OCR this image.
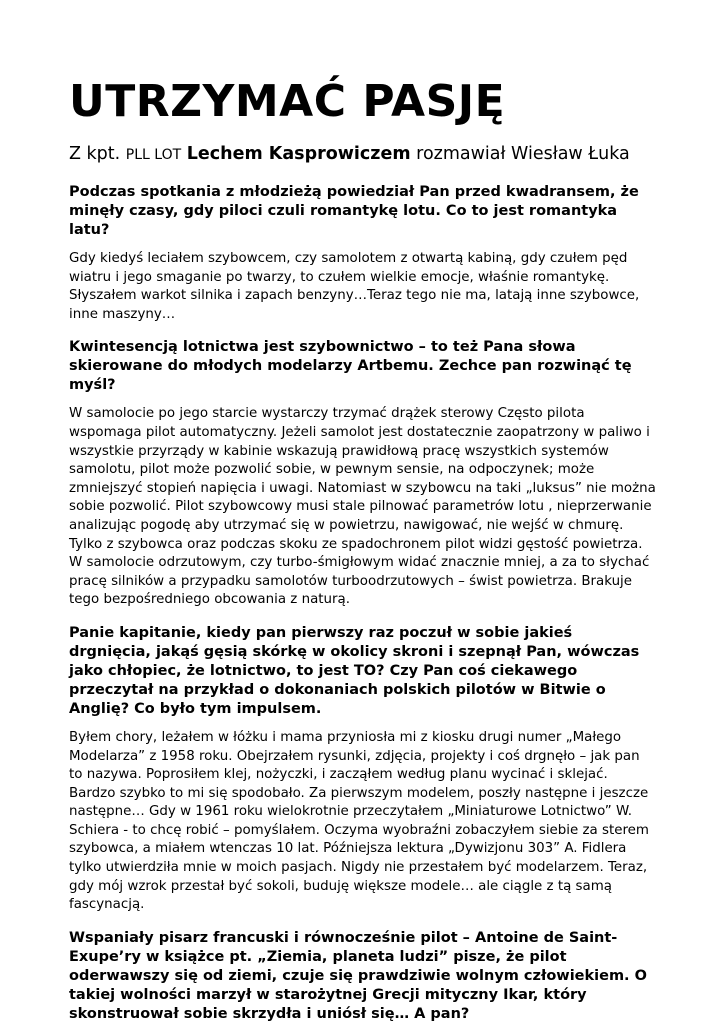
UTRZYMAĆ PASJĘ

Z kpt. PLL LOT Lechem Kasprowiczem rozmawiał Wiesław Łuka

Podczas spotkania z młodzieżą powiedział Pan przed kwadransem, że minęły czasy, gdy piloci czuli romantykę lotu. Co to jest romantyka latu?

Gdy kiedyś leciałem szybowcem, czy samolotem z otwartą kabiną, gdy czułem pęd wiatru i jego smaganie po twarzy, to czułem wielkie emocje, właśnie romantykę. Słyszałem warkot silnika i zapach benzyny…Teraz tego nie ma, latają inne szybowce, inne maszyny…

Kwintesencją lotnictwa jest szybownictwo – to też Pana słowa skierowane do młodych modelarzy Artbemu. Zechce pan rozwinąć tę myśl?

W samolocie po jego starcie wystarczy trzymać drążek sterowy Często pilota wspomaga pilot automatyczny. Jeżeli samolot jest dostatecznie zaopatrzony w paliwo i wszystkie przyrządy w kabinie wskazują prawidłową pracę wszystkich systemów samolotu, pilot może pozwolić sobie, w pewnym sensie, na odpoczynek; może zmniejszyć stopień napięcia i uwagi. Natomiast w szybowcu na taki „luksus” nie można sobie pozwolić. Pilot szybowcowy musi stale pilnować parametrów lotu , nieprzerwanie analizując pogodę aby utrzymać się w powietrzu, nawigować, nie wejść w chmurę. Tylko z szybowca oraz podczas skoku ze spadochronem pilot widzi gęstość powietrza. W samolocie odrzutowym, czy turbo-śmigłowym widać znacznie mniej, a za to słychać pracę silników a przypadku samolotów turboodrzutowych – świst powietrza. Brakuje tego bezpośredniego obcowania z naturą.

Panie kapitanie, kiedy pan pierwszy raz poczuł w sobie jakieś drgnięcia, jakąś gęsią skórkę w okolicy skroni i szepnął Pan, wówczas jako chłopiec, że lotnictwo, to jest TO? Czy Pan coś ciekawego przeczytał na przykład o dokonaniach polskich pilotów w Bitwie o Anglię? Co było tym impulsem.

Byłem chory, leżałem w łóżku i mama przyniosła mi z kiosku drugi numer „Małego Modelarza” z 1958 roku. Obejrzałem rysunki, zdjęcia, projekty i coś drgnęło – jak pan to nazywa. Poprosiłem klej, nożyczki, i zacząłem według planu wycinać i sklejać. Bardzo szybko to mi się spodobało. Za pierwszym modelem, poszły następne i jeszcze następne… Gdy w 1961 roku wielokrotnie przeczytałem „Miniaturowe Lotnictwo” W. Schiera - to chcę robić – pomyślałem. Oczyma wyobraźni zobaczyłem siebie za sterem szybowca, a miałem wtenczas 10 lat. Późniejsza lektura „Dywizjonu 303” A. Fidlera tylko utwierdziła mnie w moich pasjach. Nigdy nie przestałem być modelarzem. Teraz, gdy mój wzrok przestał być sokoli, buduję większe modele… ale ciągle z tą samą fascynacją.

Wspaniały pisarz francuski i równocześnie pilot – Antoine de Saint- Exupe’ry w książce pt. „Ziemia, planeta ludzi” pisze, że pilot oderwawszy się od ziemi, czuje się prawdziwie wolnym człowiekiem. O takiej wolności marzył w starożytnej Grecji mityczny Ikar, który skonstruował sobie skrzydła i uniósł się… A pan?
